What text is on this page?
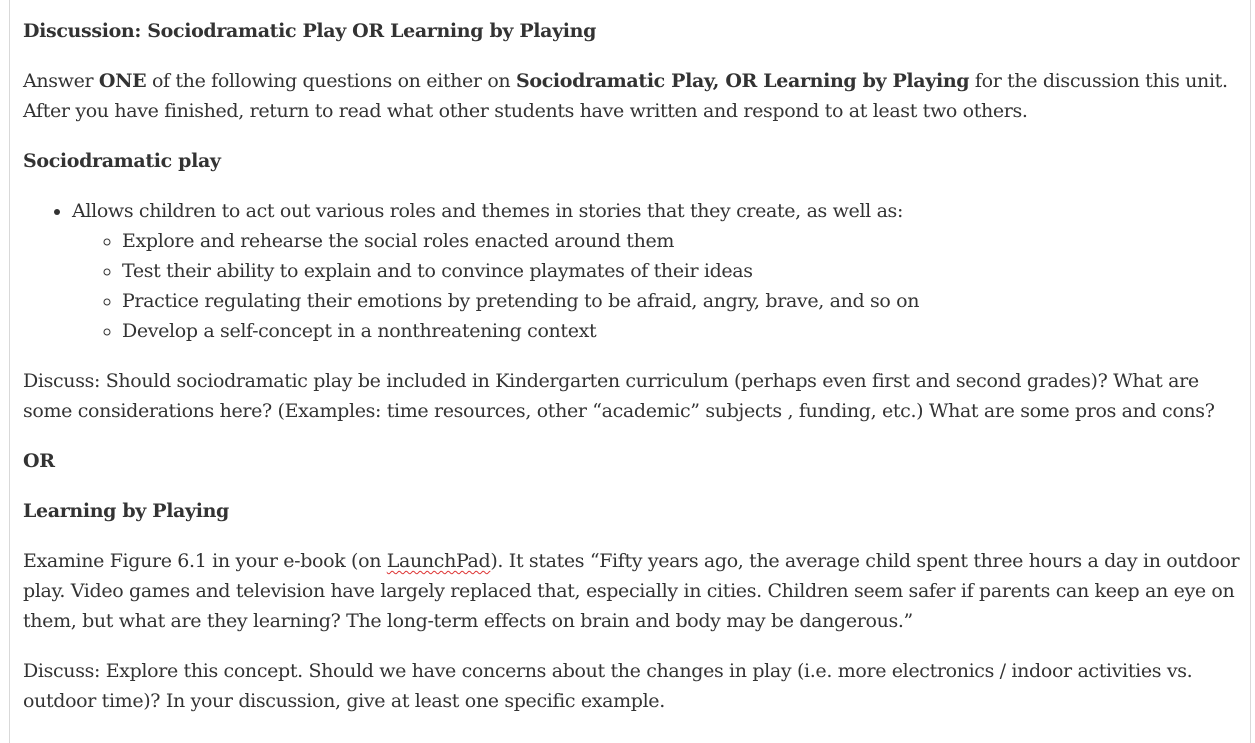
Discussion: Sociodramatic Play OR Learning by Playing

Answer ONE of the following questions on either on Sociodramatic Play, OR Learning by Playing for the discussion this unit. After you have finished, return to read what other students have written and respond to at least two others.

Sociodramatic play

• Allows children to act out various roles and themes in stories that they create, as well as:
◦ Explore and rehearse the social roles enacted around them
◦ Test their ability to explain and to convince playmates of their ideas
◦ Practice regulating their emotions by pretending to be afraid, angry, brave, and so on
◦ Develop a self-concept in a nonthreatening context

Discuss: Should sociodramatic play be included in Kindergarten curriculum (perhaps even first and second grades)? What are some considerations here? (Examples: time resources, other “academic” subjects , funding, etc.) What are some pros and cons?

OR

Learning by Playing

Examine Figure 6.1 in your e-book (on LaunchPad). It states “Fifty years ago, the average child spent three hours a day in outdoor play. Video games and television have largely replaced that, especially in cities. Children seem safer if parents can keep an eye on them, but what are they learning? The long-term effects on brain and body may be dangerous.”

Discuss: Explore this concept. Should we have concerns about the changes in play (i.e. more electronics / indoor activities vs. outdoor time)? In your discussion, give at least one specific example.
